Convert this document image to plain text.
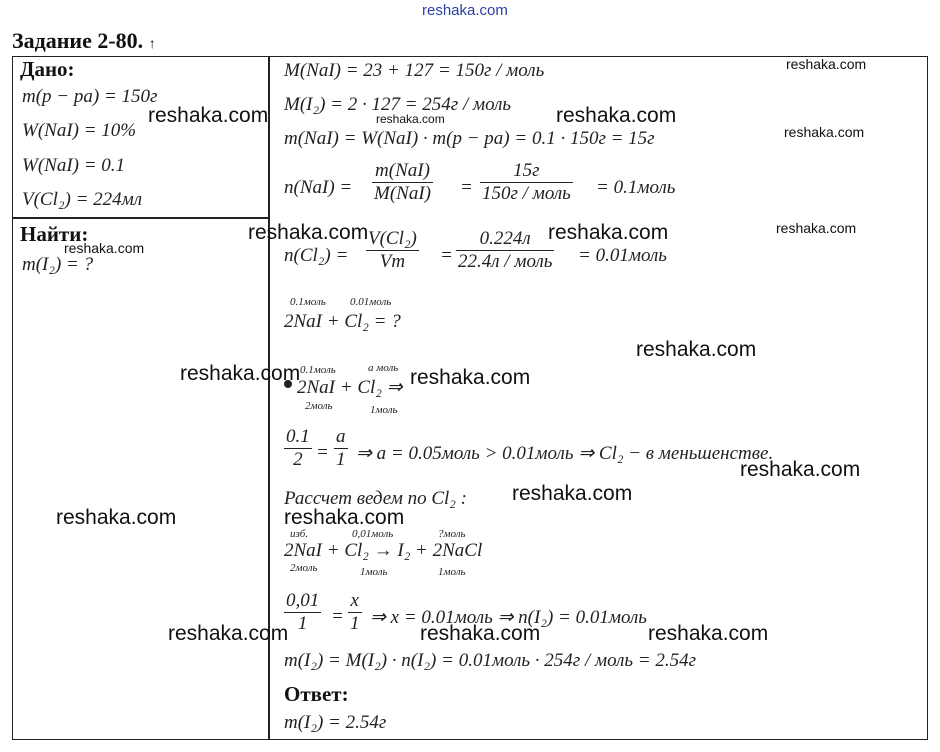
reshaka.com
Задание 2-80. ↑
Дано:
m(р − ра) = 150г
W(NaI) = 10%
W(NaI) = 0.1
V(Cl₂) = 224мл
Найти:
m(I₂) = ?
M(NaI) = 23 + 127 = 150г / моль
M(I₂) = 2 · 127 = 254г / моль
m(NaI) = W(NaI) · m(р − ра) = 0.1 · 150г = 15г
n(NaI) =
m(NaI)
M(NaI) =
15г
150г / моль = 0.1моль
n(Cl₂) =
V(Cl₂)
Vm =
0.224л
22.4л / моль = 0.01моль
0.1моль 0.01моль
2NaI + Cl₂ = ?
0.1моль	a моль
2NaI + Cl₂ ⇒
2моль	1моль
0.1
2 =
a
1 ⇒ a = 0.05моль > 0.01моль ⇒ Cl₂ − в меньшенстве.
Рассчет ведем по Cl₂ :
изб.	0,01моль	?моль
2NaI + Cl₂ → I₂ + 2NaCl
2моль	1моль	1моль
0,01
1 =
x
1 ⇒ x = 0.01моль ⇒ n(I₂) = 0.01моль
m(I₂) = M(I₂) · n(I₂) = 0.01моль · 254г / моль = 2.54г
Ответ:
m(I₂) = 2.54г
reshaka.com
reshaka.com	reshaka.com	reshaka.com
reshaka.com
reshaka.com	reshaka.com	reshaka.com
reshaka.com
reshaka.com
reshaka.com	reshaka.com
reshaka.com
reshaka.com
reshaka.com	reshaka.com
reshaka.com	reshaka.com	reshaka.com
